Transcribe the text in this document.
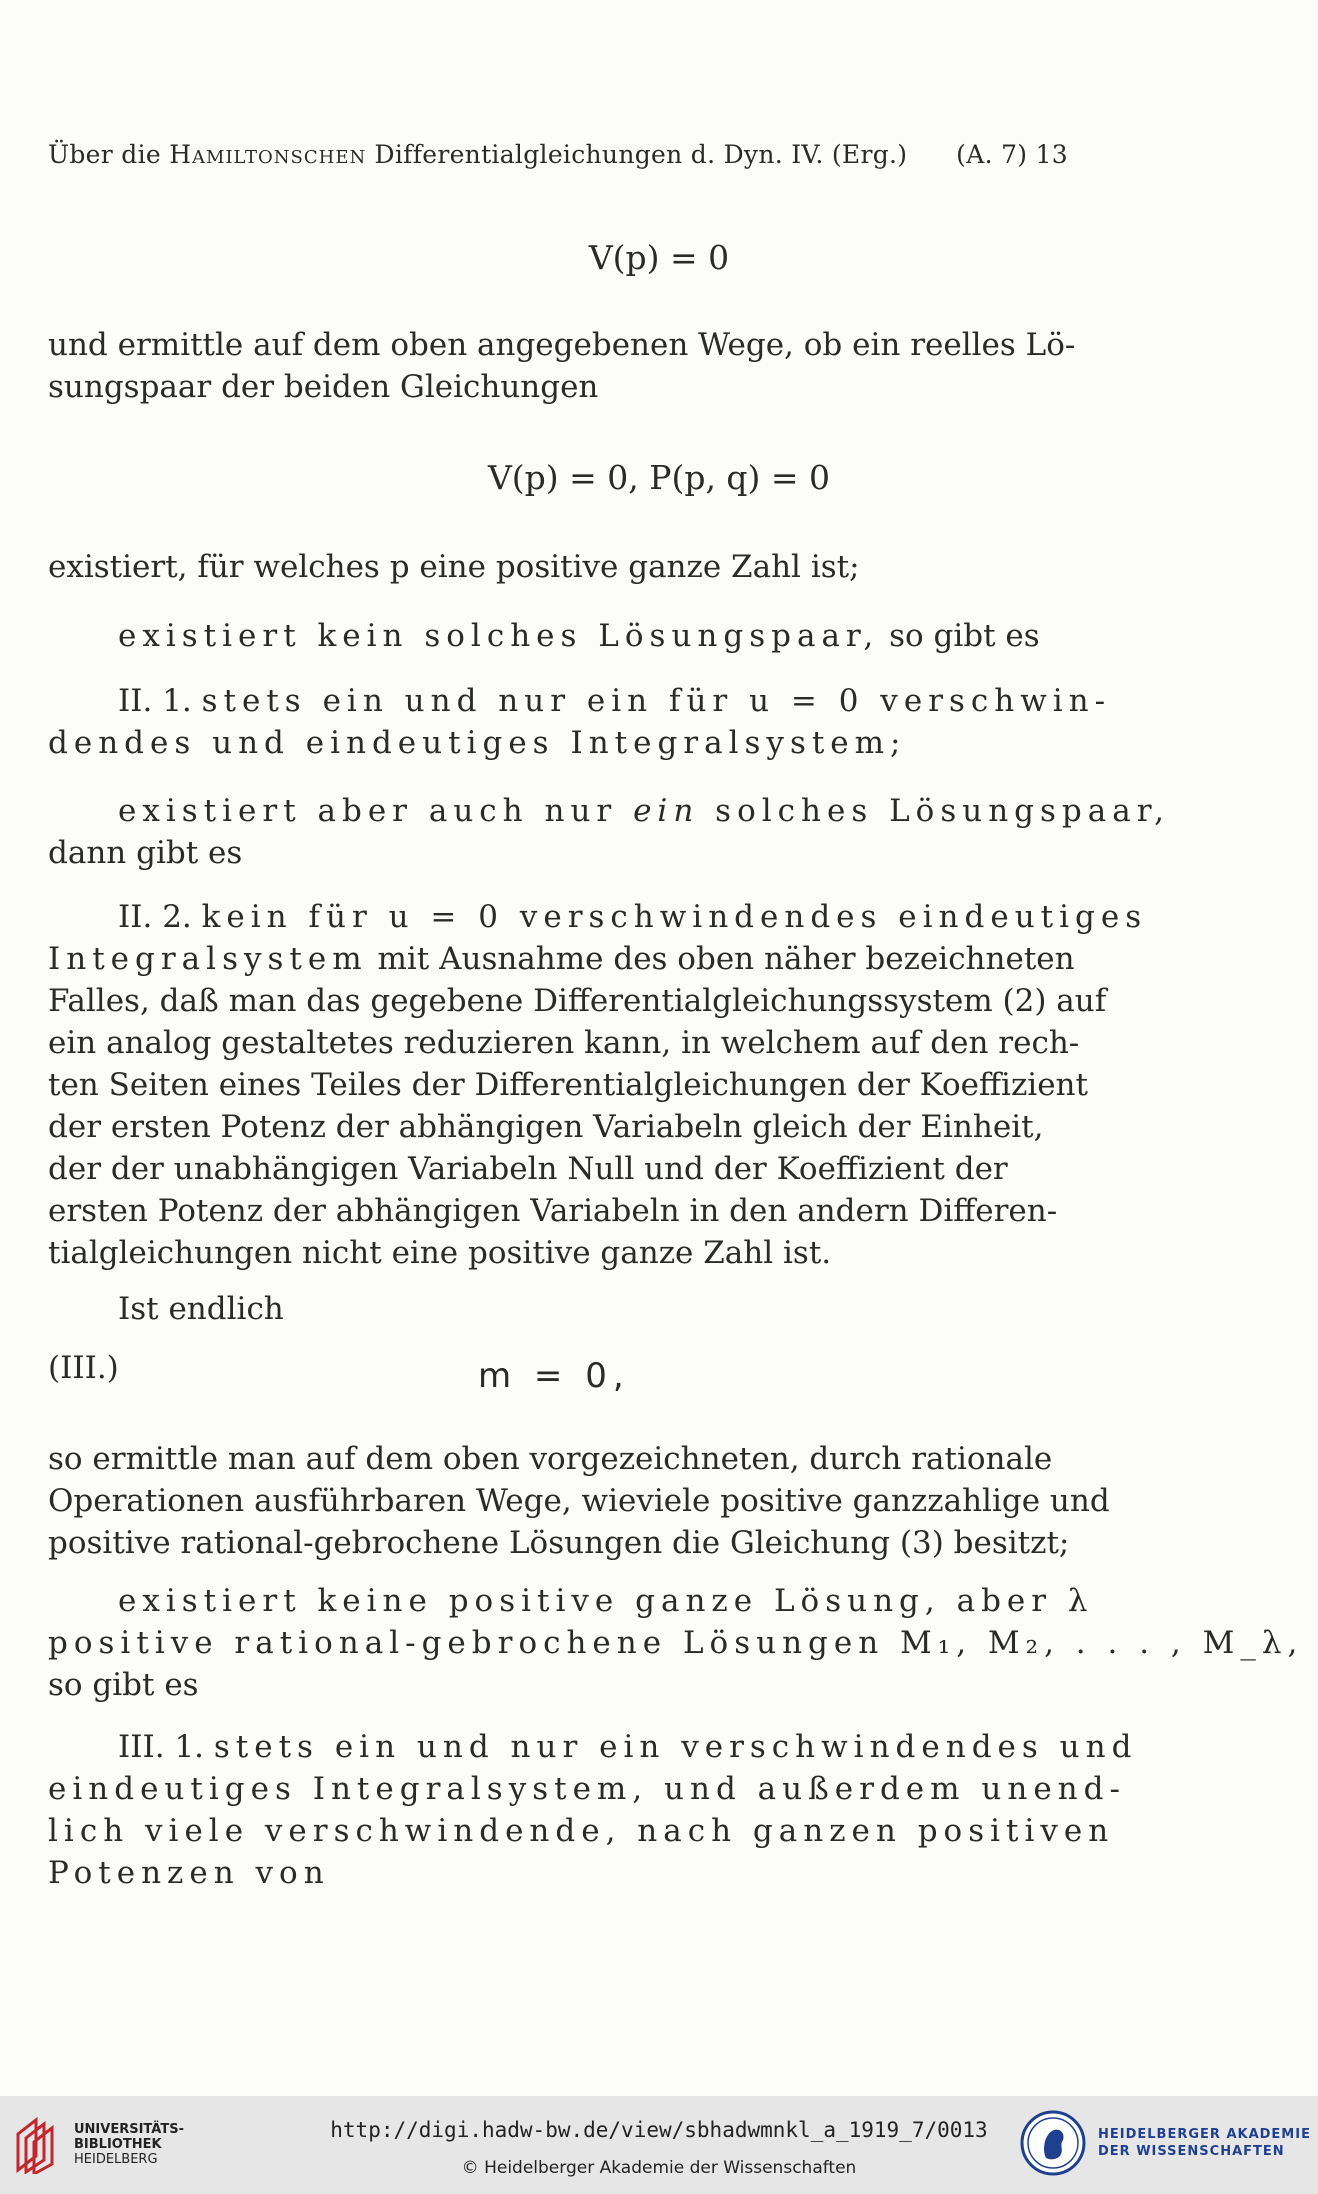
Über die Hamiltonschen Differentialgleichungen d. Dyn. IV. (Erg.) (A. 7) 13
V(p) = 0
und ermittle auf dem oben angegebenen Wege, ob ein reelles Lö-
sungspaar der beiden Gleichungen
V(p) = 0, P(p, q) = 0
existiert, für welches p eine positive ganze Zahl ist;
existiert kein solches Lösungspaar, so gibt es
II. 1. stets ein und nur ein für u = 0 verschwin-
dendes und eindeutiges Integralsystem;
existiert aber auch nur ein solches Lösungspaar,
dann gibt es
II. 2. kein für u = 0 verschwindendes eindeutiges
Integralsystem mit Ausnahme des oben näher bezeichneten
Falles, daß man das gegebene Differentialgleichungssystem (2) auf
ein analog gestaltetes reduzieren kann, in welchem auf den rech-
ten Seiten eines Teiles der Differentialgleichungen der Koeffizient
der ersten Potenz der abhängigen Variabeln gleich der Einheit,
der der unabhängigen Variabeln Null und der Koeffizient der
ersten Potenz der abhängigen Variabeln in den andern Differen-
tialgleichungen nicht eine positive ganze Zahl ist.
Ist endlich
(III.)	m = 0,
so ermittle man auf dem oben vorgezeichneten, durch rationale
Operationen ausführbaren Wege, wieviele positive ganzzahlige und
positive rational-gebrochene Lösungen die Gleichung (3) besitzt;
existiert keine positive ganze Lösung, aber λ
positive rational-gebrochene Lösungen M₁, M₂, . . . , M_λ,
so gibt es
III. 1. stets ein und nur ein verschwindendes und
eindeutiges Integralsystem, und außerdem unend-
lich viele verschwindende, nach ganzen positiven
Potenzen von
UNIVERSITÄTS-
BIBLIOTHEK
HEIDELBERG
http://digi.hadw-bw.de/view/sbhadwmnkl_a_1919_7/0013
© Heidelberger Akademie der Wissenschaften
HEIDELBERGER AKADEMIE
DER WISSENSCHAFTEN
